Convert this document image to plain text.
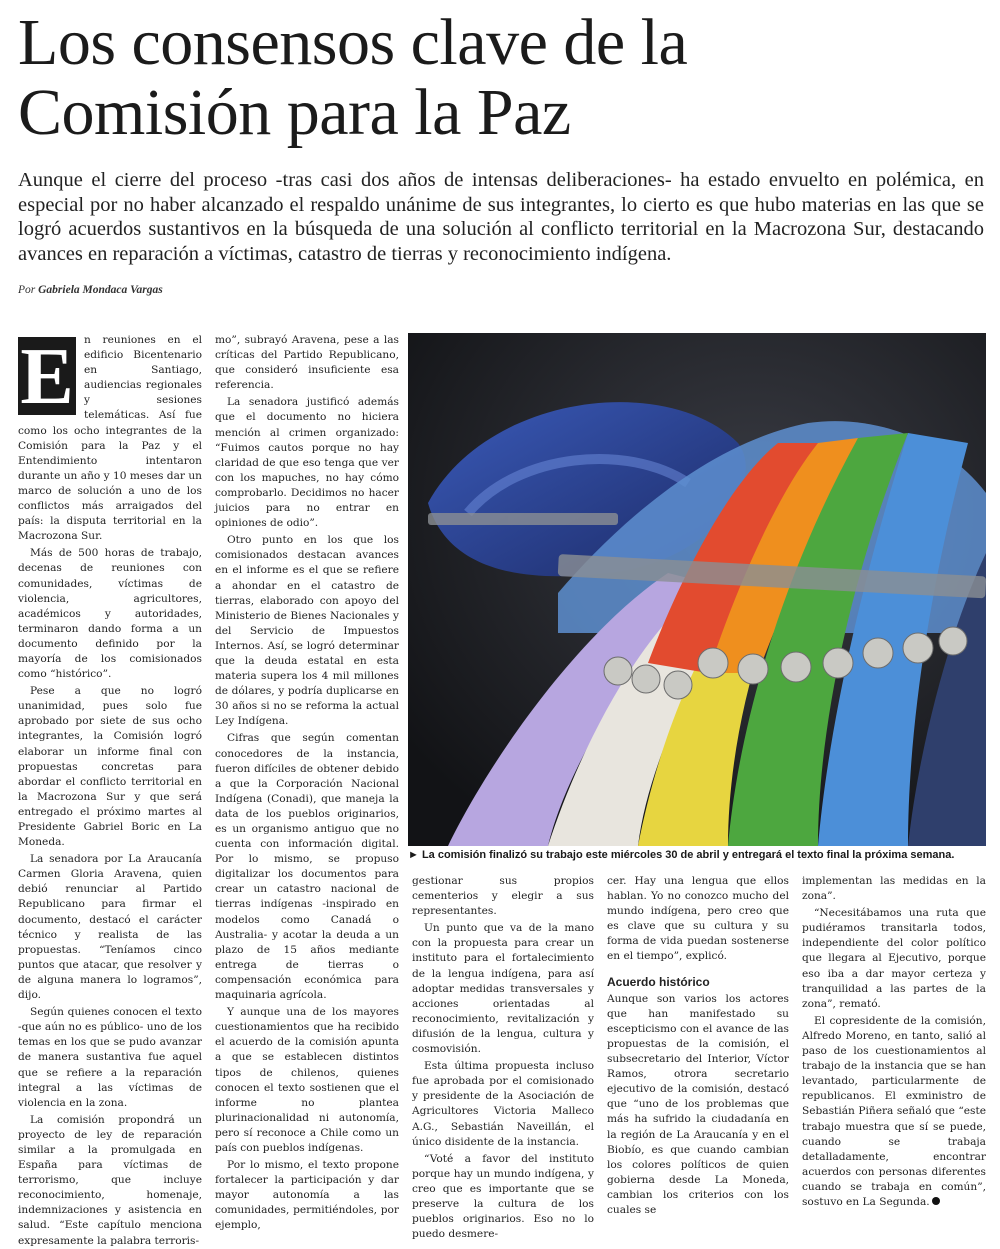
Los consensos clave de la
Comisión para la Paz
Aunque el cierre del proceso -tras casi dos años de intensas deliberaciones- ha estado envuelto en polémica, en especial por no haber alcanzado el respaldo unánime de sus integrantes, lo cierto es que hubo materias en las que se logró acuerdos sustantivos en la búsqueda de una solución al conflicto territorial en la Macrozona Sur, destacando avances en reparación a víctimas, catastro de tierras y reconocimiento indígena.
Por Gabriela Mondaca Vargas

E n reuniones en el edificio Bicentenario en Santiago, audiencias regionales y sesiones telemáticas. Así fue como los ocho integrantes de la Comisión para la Paz y el Entendimiento intentaron durante un año y 10 meses dar un marco de solución a uno de los conflictos más arraigados del país: la disputa territorial en la Macrozona Sur.

Más de 500 horas de trabajo, decenas de reuniones con comunidades, víctimas de violencia, agricultores, académicos y autoridades, terminaron dando forma a un documento definido por la mayoría de los comisionados como “histórico”.

Pese a que no logró unanimidad, pues solo fue aprobado por siete de sus ocho integrantes, la Comisión logró elaborar un informe final con propuestas concretas para abordar el conflicto territorial en la Macrozona Sur y que será entregado el próximo martes al Presidente Gabriel Boric en La Moneda.

La senadora por La Araucanía Carmen Gloria Aravena, quien debió renunciar al Partido Republicano para firmar el documento, destacó el carácter técnico y realista de las propuestas. “Teníamos cinco puntos que atacar, que resolver y de alguna manera lo logramos”, dijo.

Según quienes conocen el texto -que aún no es público- uno de los temas en los que se pudo avanzar de manera sustantiva fue aquel que se refiere a la reparación integral a las víctimas de violencia en la zona.

La comisión propondrá un proyecto de ley de reparación similar a la promulgada en España para víctimas de terrorismo, que incluye reconocimiento, homenaje, indemnizaciones y asistencia en salud. “Este capítulo menciona expresamente la palabra terroris-

mo”, subrayó Aravena, pese a las críticas del Partido Republicano, que consideró insuficiente esa referencia.

La senadora justificó además que el documento no hiciera mención al crimen organizado: “Fuimos cautos porque no hay claridad de que eso tenga que ver con los mapuches, no hay cómo comprobarlo. Decidimos no hacer juicios para no entrar en opiniones de odio”.

Otro punto en los que los comisionados destacan avances en el informe es el que se refiere a ahondar en el catastro de tierras, elaborado con apoyo del Ministerio de Bienes Nacionales y del Servicio de Impuestos Internos. Así, se logró determinar que la deuda estatal en esta materia supera los 4 mil millones de dólares, y podría duplicarse en 30 años si no se reforma la actual Ley Indígena.

Cifras que según comentan conocedores de la instancia, fueron difíciles de obtener debido a que la Corporación Nacional Indígena (Conadi), que maneja la data de los pueblos originarios, es un organismo antiguo que no cuenta con información digital. Por lo mismo, se propuso digitalizar los documentos para crear un catastro nacional de tierras indígenas -inspirado en modelos como Canadá o Australia- y acotar la deuda a un plazo de 15 años mediante entrega de tierras o compensación económica para maquinaria agrícola.

Y aunque una de los mayores cuestionamientos que ha recibido el acuerdo de la comisión apunta a que se establecen distintos tipos de chilenos, quienes conocen el texto sostienen que el informe no plantea plurinacionalidad ni autonomía, pero sí reconoce a Chile como un país con pueblos indígenas.

Por lo mismo, el texto propone fortalecer la participación y dar mayor autonomía a las comunidades, permitiéndoles, por ejemplo,

► La comisión finalizó su trabajo este miércoles 30 de abril y entregará el texto final la próxima semana.

gestionar sus propios cementerios y elegir a sus representantes.

Un punto que va de la mano con la propuesta para crear un instituto para el fortalecimiento de la lengua indígena, para así adoptar medidas transversales y acciones orientadas al reconocimiento, revitalización y difusión de la lengua, cultura y cosmovisión.

Esta última propuesta incluso fue aprobada por el comisionado y presidente de la Asociación de Agricultores Victoria Malleco A.G., Sebastián Naveillán, el único disidente de la instancia.

“Voté a favor del instituto porque hay un mundo indígena, y creo que es importante que se preserve la cultura de los pueblos originarios. Eso no lo puedo desmere-

cer. Hay una lengua que ellos hablan. Yo no conozco mucho del mundo indígena, pero creo que es clave que su cultura y su forma de vida puedan sostenerse en el tiempo”, explicó.

Acuerdo histórico

Aunque son varios los actores que han manifestado su escepticismo con el avance de las propuestas de la comisión, el subsecretario del Interior, Víctor Ramos, otrora secretario ejecutivo de la comisión, destacó que “uno de los problemas que más ha sufrido la ciudadanía en la región de La Araucanía y en el Biobío, es que cuando cambian los colores políticos de quien gobierna desde La Moneda, cambian los criterios con los cuales se

implementan las medidas en la zona”.

“Necesitábamos una ruta que pudiéramos transitarla todos, independiente del color político que llegara al Ejecutivo, porque eso iba a dar mayor certeza y tranquilidad a las partes de la zona”, remató.

El copresidente de la comisión, Alfredo Moreno, en tanto, salió al paso de los cuestionamientos al trabajo de la instancia que se han levantado, particularmente de republicanos. El exministro de Sebastián Piñera señaló que “este trabajo muestra que sí se puede, cuando se trabaja detalladamente, encontrar acuerdos con personas diferentes cuando se trabaja en común”, sostuvo en La Segunda.
